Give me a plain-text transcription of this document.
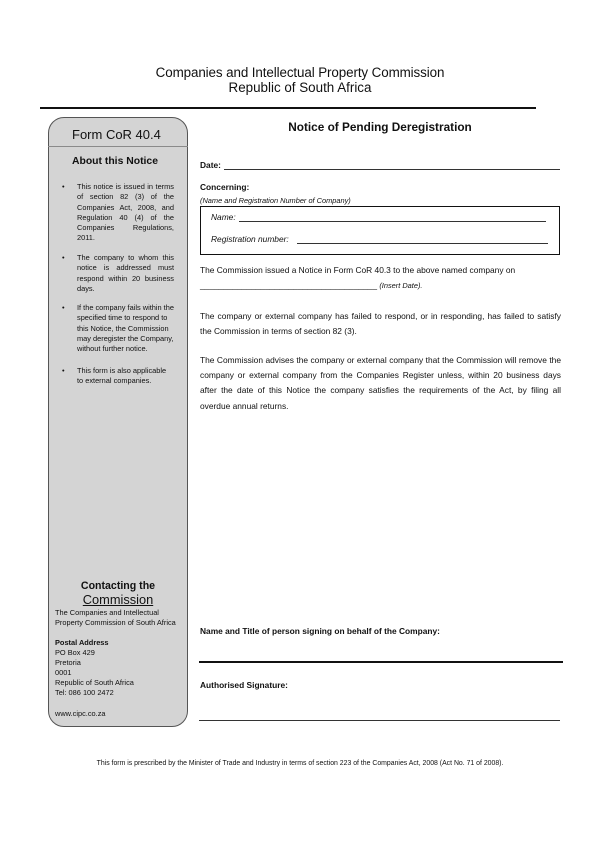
Companies and Intellectual Property Commission
Republic of South Africa
Form CoR 40.4
About this Notice
• This notice is issued in terms of section 82 (3) of the Companies Act, 2008, and Regulation 40 (4) of the Companies Regulations, 2011.
• The company to whom this notice is addressed must respond within 20 business days.
• If the company fails within the specified time to respond to this Notice, the Commission may deregister the Company, without further notice.
• This form is also applicable to external companies.
Contacting the
Commission
The Companies and Intellectual
Property Commission of South Africa
Postal Address
PO Box 429
Pretoria
0001
Republic of South Africa
Tel: 086 100 2472
www.cipc.co.za
Notice of Pending Deregistration
Date:
Concerning:
(Name and Registration Number of Company)
Name:
Registration number:
The Commission issued a Notice in Form CoR 40.3 to the above named company on
______________________________________ (Insert Date).
The company or external company has failed to respond, or in responding, has failed to satisfy the Commission in terms of section 82 (3).
The Commission advises the company or external company that the Commission will remove the company or external company from the Companies Register unless, within 20 business days after the date of this Notice the company satisfies the requirements of the Act, by filing all overdue annual returns.
Name and Title of person signing on behalf of the Company:
Authorised Signature:
This form is prescribed by the Minister of Trade and Industry in terms of section 223 of the Companies Act, 2008 (Act No. 71 of 2008).
